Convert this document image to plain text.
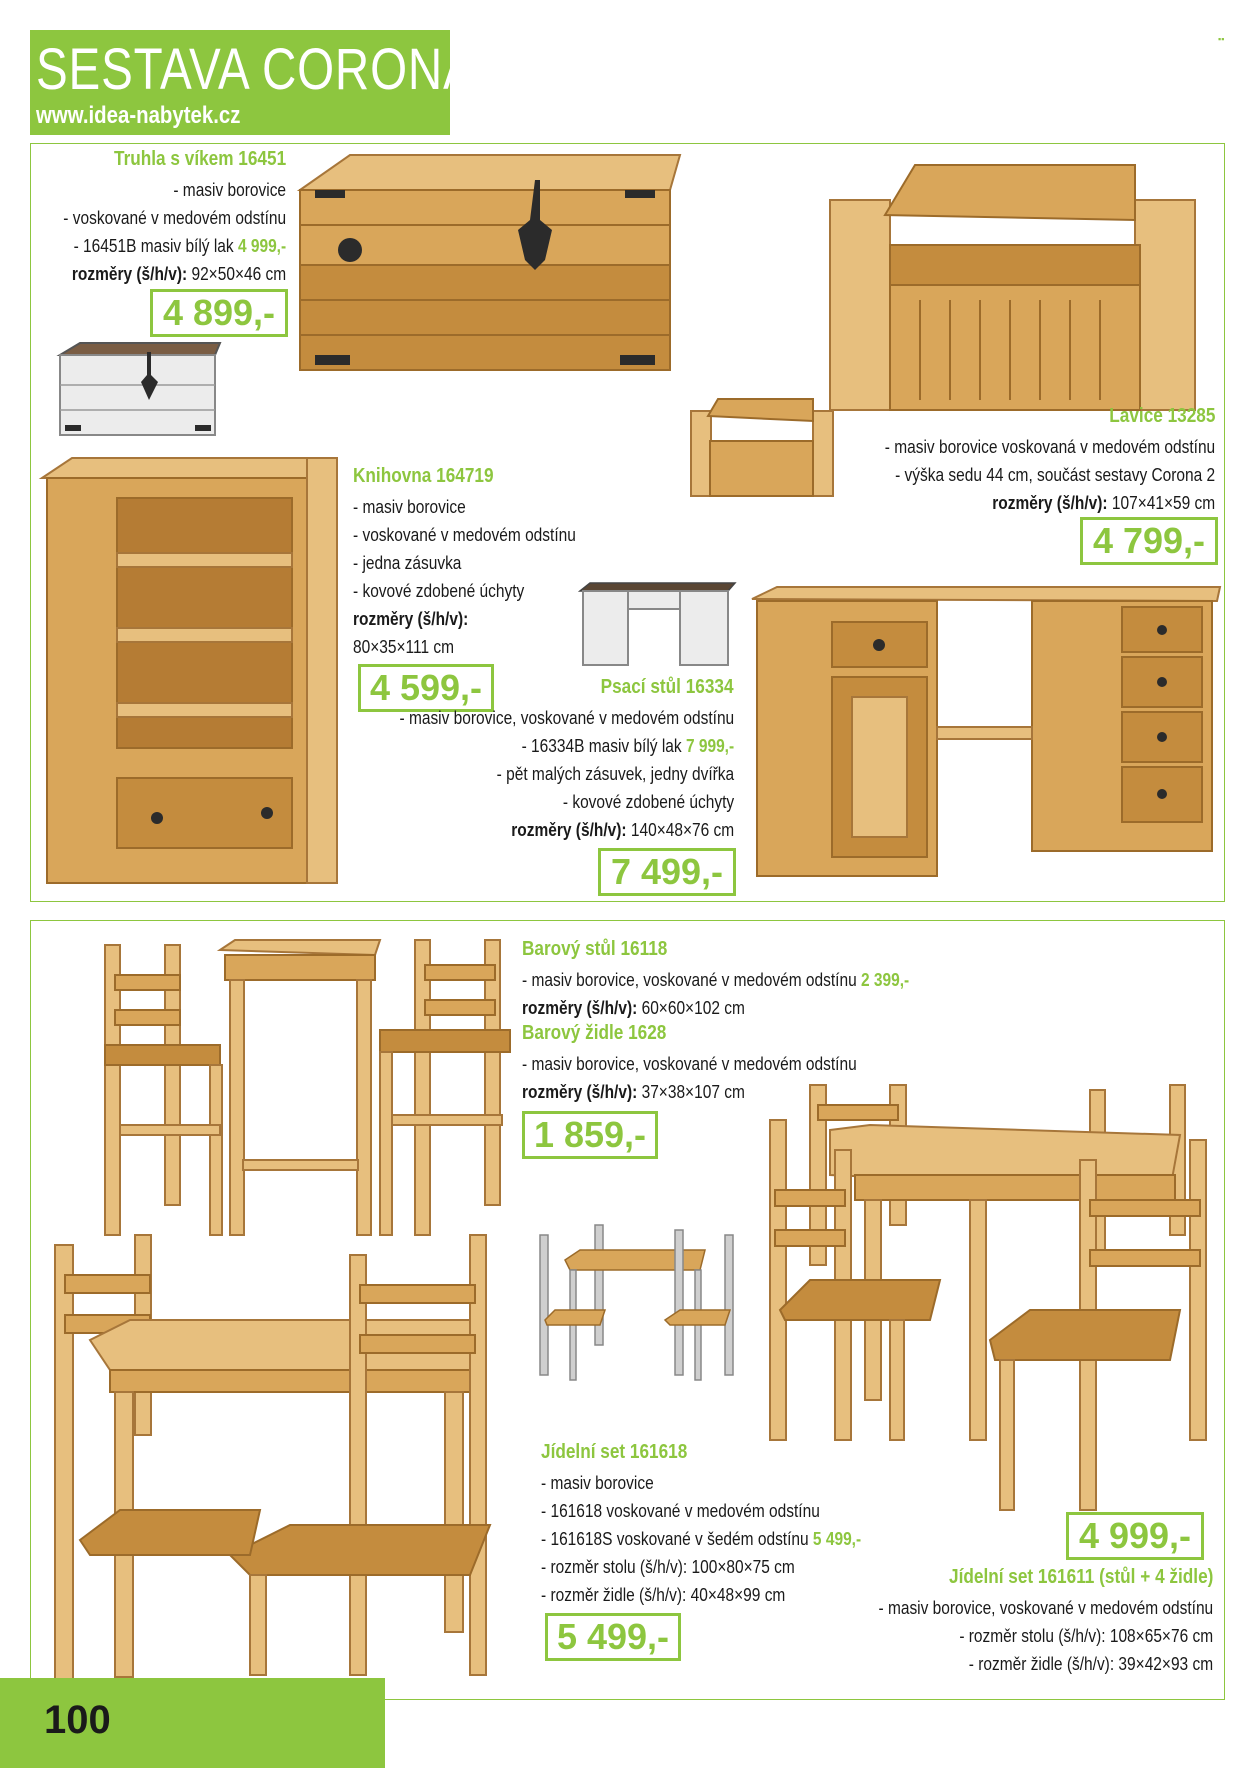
SESTAVA CORONA
www.idea-nabytek.cz
▪▪
Truhla s víkem 16451
- masiv borovice
- voskované v medovém odstínu
- 16451B masiv bílý lak 4 999,-
rozměry (š/h/v): 92×50×46 cm
4 899,-
Lavice 13285
- masiv borovice voskovaná v medovém odstínu
- výška sedu 44 cm, součást sestavy Corona 2
rozměry (š/h/v): 107×41×59 cm
4 799,-
Knihovna 164719
- masiv borovice
- voskované v medovém odstínu
- jedna zásuvka
- kovové zdobené úchyty
rozměry (š/h/v):
80×35×111 cm
4 599,-	Psací stůl 16334
- masiv borovice, voskované v medovém odstínu
- 16334B masiv bílý lak 7 999,-
- pět malých zásuvek, jedny dvířka
- kovové zdobené úchyty
rozměry (š/h/v): 140×48×76 cm
7 499,-
Barový stůl 16118
- masiv borovice, voskované v medovém odstínu 2 399,-
rozměry (š/h/v): 60×60×102 cm
Barový židle 1628
- masiv borovice, voskované v medovém odstínu
rozměry (š/h/v): 37×38×107 cm
1 859,-
Jídelní set 161618
- masiv borovice
- 161618 voskované v medovém odstínu
- 161618S voskované v šedém odstínu 5 499,-
- rozměr stolu (š/h/v): 100×80×75 cm
- rozměr židle (š/h/v): 40×48×99 cm
5 499,-
4 999,-
Jídelní set 161611 (stůl + 4 židle)
- masiv borovice, voskované v medovém odstínu
- rozměr stolu (š/h/v): 108×65×76 cm
- rozměr židle (š/h/v): 39×42×93 cm
100
